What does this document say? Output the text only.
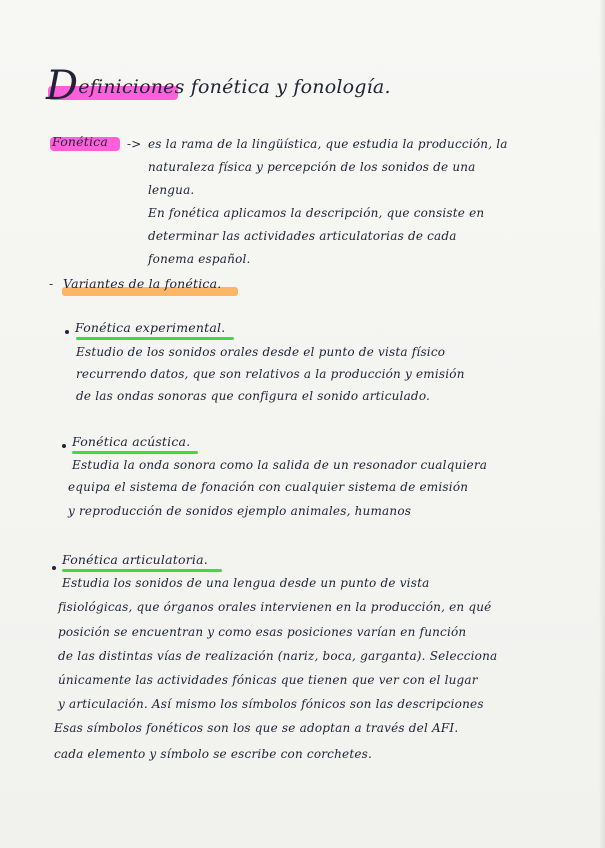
Definiciones fonética y fonología.
Fonética -> es la rama de la lingüística, que estudia la producción, la
naturaleza física y percepción de los sonidos de una
lengua.
En fonética aplicamos la descripción, que consiste en
determinar las actividades articulatorias de cada
fonema español.
- Variantes de la fonética.
Fonética experimental.
Estudio de los sonidos orales desde el punto de vista físico
recurrendo datos, que son relativos a la producción y emisión
de las ondas sonoras que configura el sonido articulado.
Fonética acústica.
Estudia la onda sonora como la salida de un resonador cualquiera
equipa el sistema de fonación con cualquier sistema de emisión
y reproducción de sonidos ejemplo animales, humanos
Fonética articulatoria.
Estudia los sonidos de una lengua desde un punto de vista
fisiológicas, que órganos orales intervienen en la producción, en qué
posición se encuentran y como esas posiciones varían en función
de las distintas vías de realización (nariz, boca, garganta). Selecciona
únicamente las actividades fónicas que tienen que ver con el lugar
y articulación. Así mismo los símbolos fónicos son las descripciones
Esas símbolos fonéticos son los que se adoptan a través del AFI.
cada elemento y símbolo se escribe con corchetes.
